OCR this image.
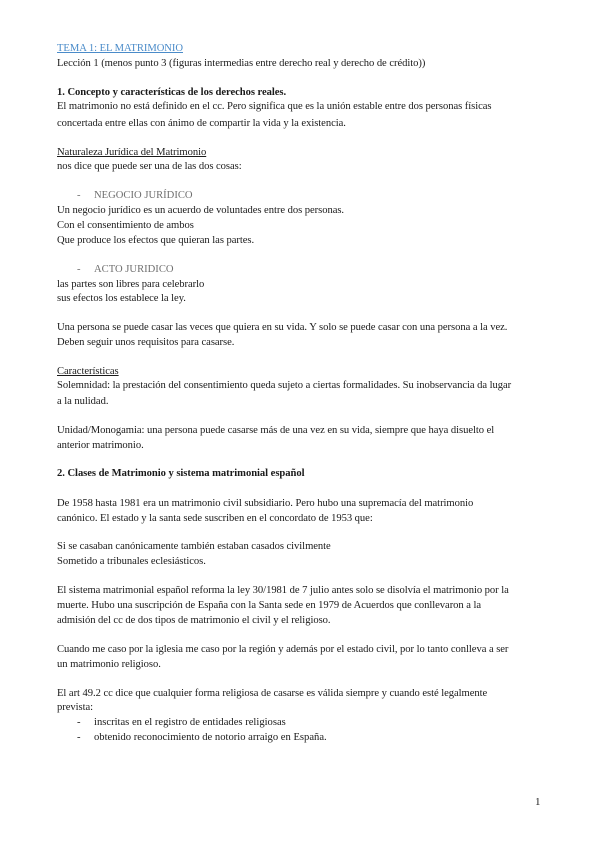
TEMA 1: EL MATRIMONIO
Lección 1 (menos punto 3 (figuras intermedias entre derecho real y derecho de crédito))
1. Concepto y características de los derechos reales.
El matrimonio no está definido en el cc. Pero significa que es la unión estable entre dos personas físicas
concertada entre ellas con ánimo de compartir la vida y la existencia.
Naturaleza Jurídica del Matrimonio
nos dice que puede ser una de las dos cosas:
- NEGOCIO JURÍDICO
Un negocio jurídico es un acuerdo de voluntades entre dos personas.
Con el consentimiento de ambos
Que produce los efectos que quieran las partes.
- ACTO JURIDICO
las partes son libres para celebrarlo
sus efectos los establece la ley.
Una persona se puede casar las veces que quiera en su vida. Y solo se puede casar con una persona a la vez.
Deben seguir unos requisitos para casarse.
Características
Solemnidad: la prestación del consentimiento queda sujeto a ciertas formalidades. Su inobservancia da lugar
a la nulidad.
Unidad/Monogamia: una persona puede casarse más de una vez en su vida, siempre que haya disuelto el
anterior matrimonio.
2. Clases de Matrimonio y sistema matrimonial español
De 1958 hasta 1981 era un matrimonio civil subsidiario. Pero hubo una supremacía del matrimonio
canónico. El estado y la santa sede suscriben en el concordato de 1953 que:
Si se casaban canónicamente también estaban casados civilmente
Sometido a tribunales eclesiásticos.
El sistema matrimonial español reforma la ley 30/1981 de 7 julio antes solo se disolvía el matrimonio por la
muerte. Hubo una suscripción de España con la Santa sede en 1979 de Acuerdos que conllevaron a la
admisión del cc de dos tipos de matrimonio el civil y el religioso.
Cuando me caso por la iglesia me caso por la región y además por el estado civil, por lo tanto conlleva a ser
un matrimonio religioso.
El art 49.2 cc dice que cualquier forma religiosa de casarse es válida siempre y cuando esté legalmente
prevista:
- inscritas en el registro de entidades religiosas
- obtenido reconocimiento de notorio arraigo en España.
1
